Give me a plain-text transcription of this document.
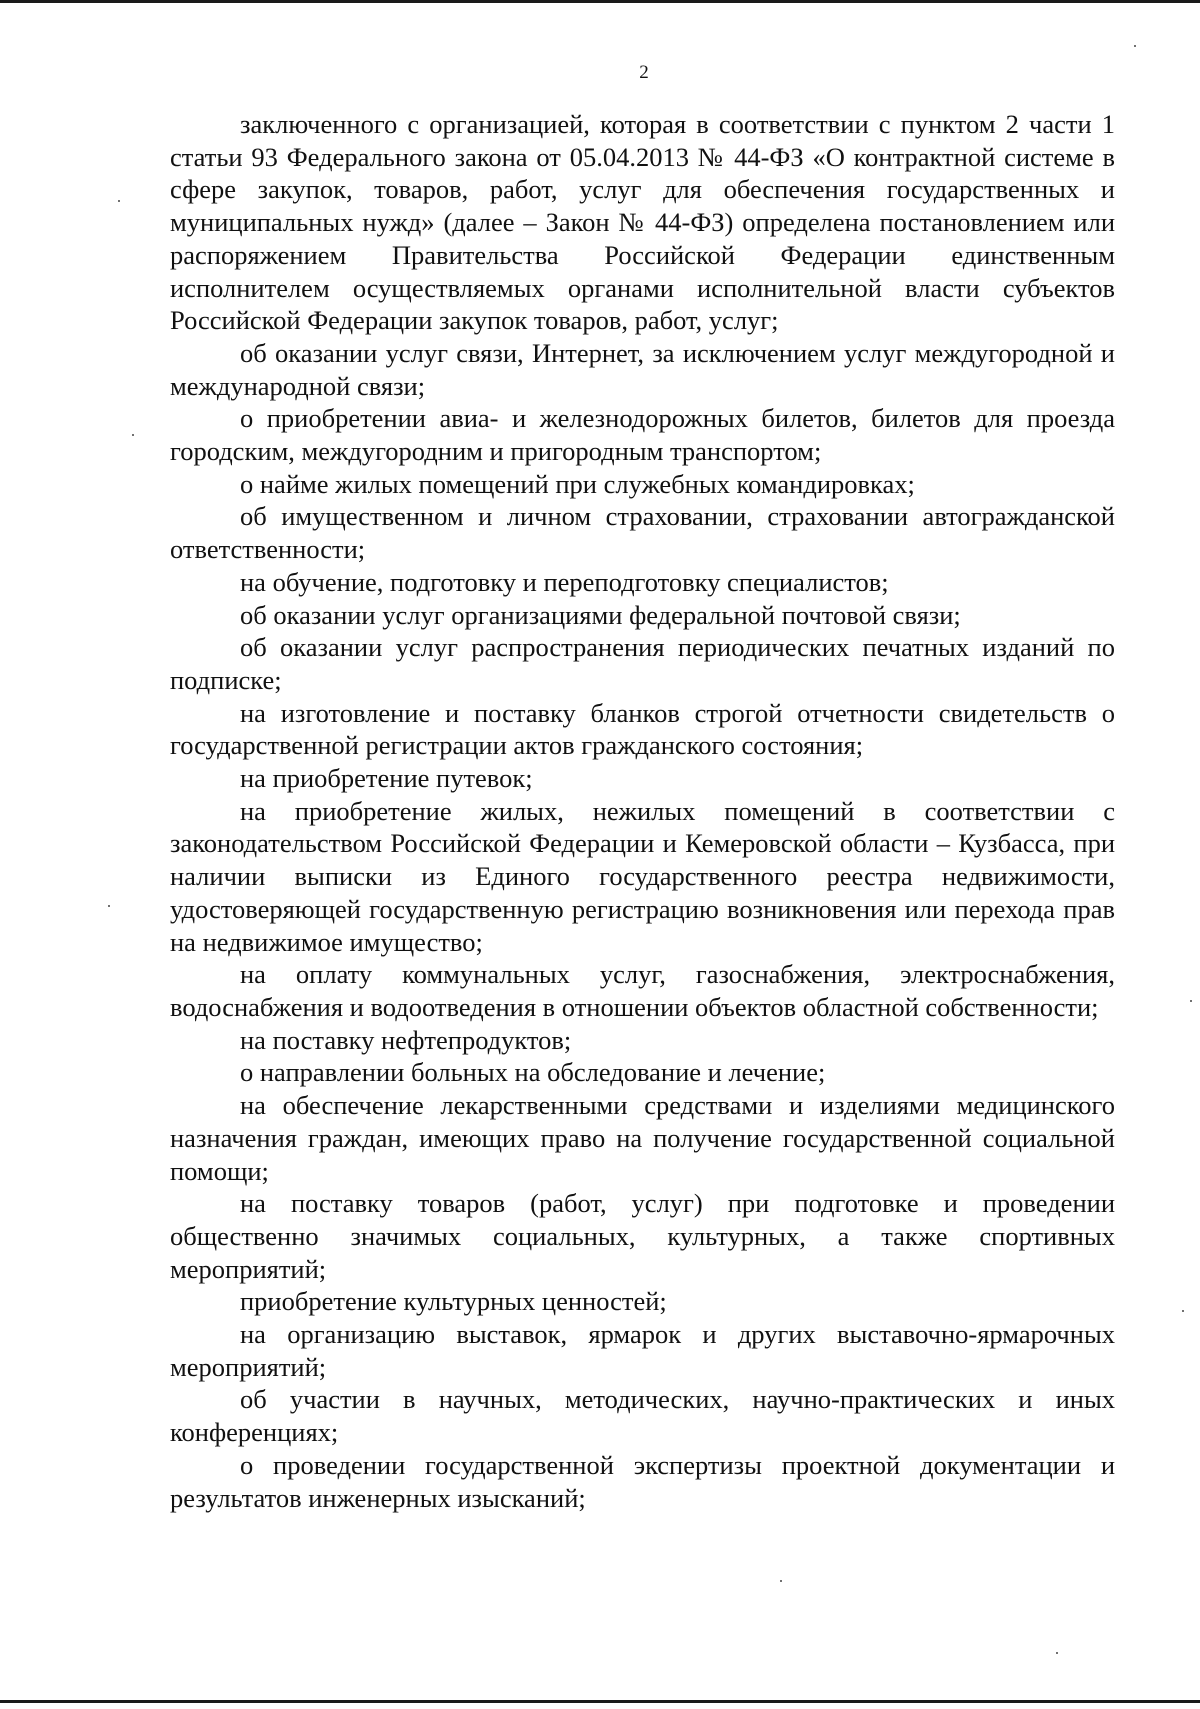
2

заключенного с организацией, которая в соответствии с пунктом 2 части 1 статьи 93 Федерального закона от 05.04.2013 № 44-ФЗ «О контрактной системе в сфере закупок, товаров, работ, услуг для обеспечения государственных и муниципальных нужд» (далее – Закон № 44-ФЗ) определена постановлением или распоряжением Правительства Российской Федерации единственным исполнителем осуществляемых органами исполнительной власти субъектов Российской Федерации закупок товаров, работ, услуг;

об оказании услуг связи, Интернет, за исключением услуг междугородной и международной связи;

о приобретении авиа- и железнодорожных билетов, билетов для проезда городским, междугородним и пригородным транспортом;

о найме жилых помещений при служебных командировках;

об имущественном и личном страховании, страховании автогражданской ответственности;

на обучение, подготовку и переподготовку специалистов;

об оказании услуг организациями федеральной почтовой связи;

об оказании услуг распространения периодических печатных изданий по подписке;

на изготовление и поставку бланков строгой отчетности свидетельств о государственной регистрации актов гражданского состояния;

на приобретение путевок;

на приобретение жилых, нежилых помещений в соответствии с законодательством Российской Федерации и Кемеровской области – Кузбасса, при наличии выписки из Единого государственного реестра недвижимости, удостоверяющей государственную регистрацию возникновения или перехода прав на недвижимое имущество;

на оплату коммунальных услуг, газоснабжения, электроснабжения, водоснабжения и водоотведения в отношении объектов областной собственности;

на поставку нефтепродуктов;

о направлении больных на обследование и лечение;

на обеспечение лекарственными средствами и изделиями медицинского назначения граждан, имеющих право на получение государственной социальной помощи;

на поставку товаров (работ, услуг) при подготовке и проведении общественно значимых социальных, культурных, а также спортивных мероприятий;

приобретение культурных ценностей;

на организацию выставок, ярмарок и других выставочно-ярмарочных мероприятий;

об участии в научных, методических, научно-практических и иных конференциях;

о проведении государственной экспертизы проектной документации и результатов инженерных изысканий;
